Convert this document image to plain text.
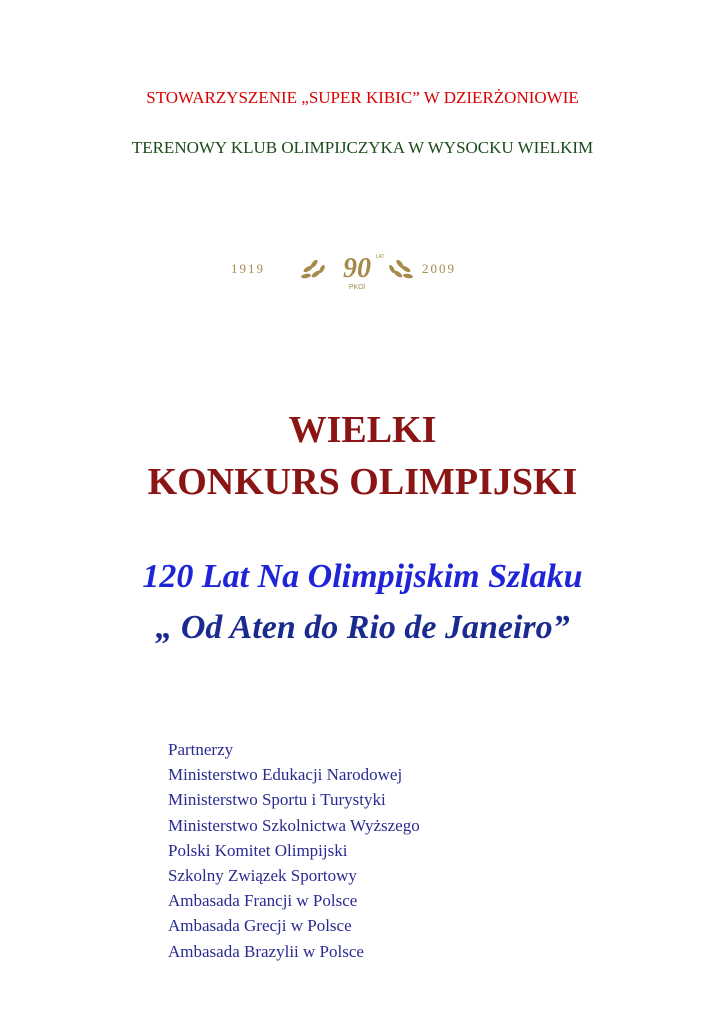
STOWARZYSZENIE „SUPER KIBIC” W DZIERŻONIOWIE
TERENOWY KLUB OLIMPIJCZYKA W WYSOCKU WIELKIM
1919	90 LAT
PKOl
2009
WIELKI
KONKURS OLIMPIJSKI
120 Lat Na Olimpijskim Szlaku
„ Od Aten do Rio de Janeiro”
Partnerzy
Ministerstwo Edukacji Narodowej
Ministerstwo Sportu i Turystyki
Ministerstwo Szkolnictwa Wyższego
Polski Komitet Olimpijski
Szkolny Związek Sportowy
Ambasada Francji w Polsce
Ambasada Grecji w Polsce
Ambasada Brazylii w Polsce
